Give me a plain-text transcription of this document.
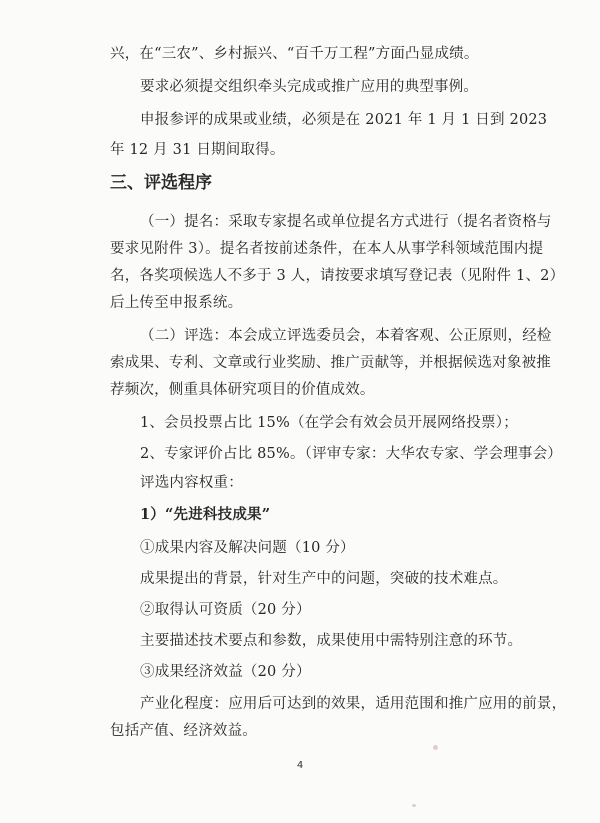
兴，在“三农”、乡村振兴、“百千万工程”方面凸显成绩。
要求必须提交组织牵头完成或推广应用的典型事例。
申报参评的成果或业绩，必须是在 2021 年 1 月 1 日到 2023
年 12 月 31 日期间取得。
三、评选程序
（一）提名：采取专家提名或单位提名方式进行（提名者资格与
要求见附件 3）。提名者按前述条件，在本人从事学科领域范围内提
名，各奖项候选人不多于 3 人，请按要求填写登记表（见附件 1、2）
后上传至申报系统。
（二）评选：本会成立评选委员会，本着客观、公正原则，经检
索成果、专利、文章或行业奖励、推广贡献等，并根据候选对象被推
荐频次，侧重具体研究项目的价值成效。
1、会员投票占比 15%（在学会有效会员开展网络投票）；
2、专家评价占比 85%。（评审专家：大华农专家、学会理事会）
评选内容权重：
1）“先进科技成果”
①成果内容及解决问题（10 分）
成果提出的背景，针对生产中的问题，突破的技术难点。
②取得认可资质（20 分）
主要描述技术要点和参数，成果使用中需特别注意的环节。
③成果经济效益（20 分）
产业化程度：应用后可达到的效果，适用范围和推广应用的前景，
包括产值、经济效益。
4
